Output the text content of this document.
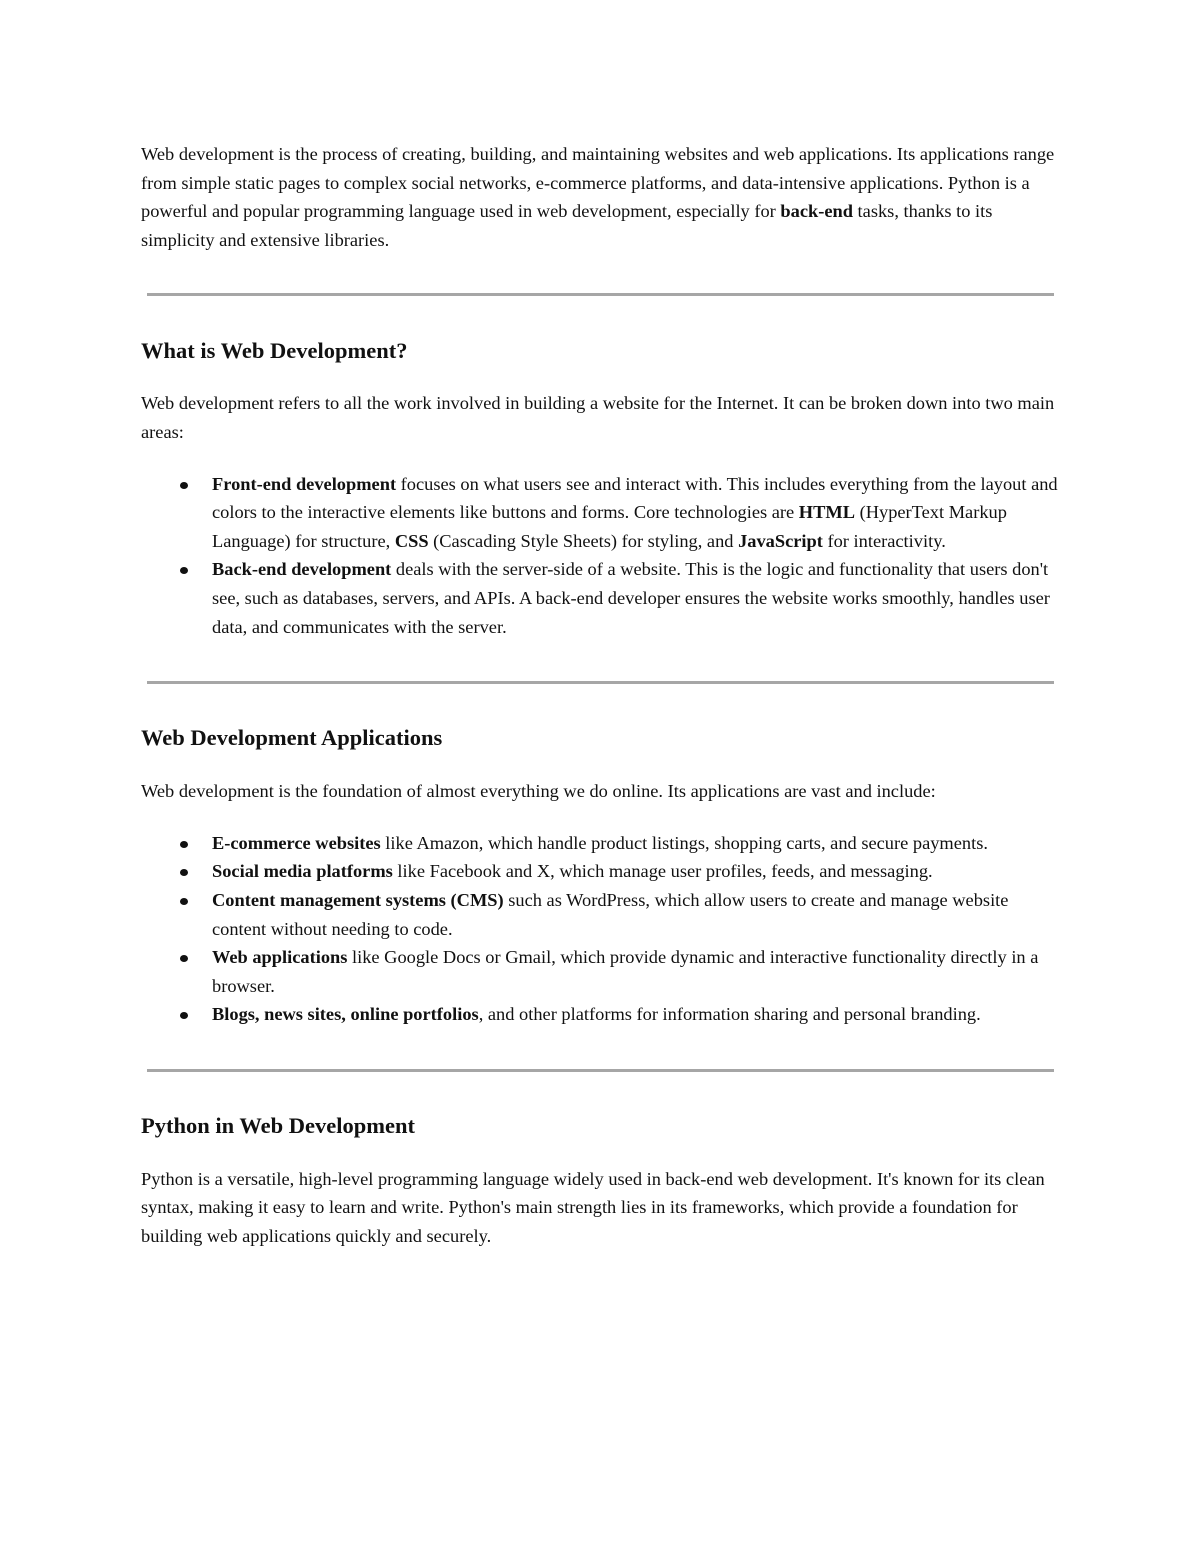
Web development is the process of creating, building, and maintaining websites and web applications. Its applications range from simple static pages to complex social networks, e-commerce platforms, and data-intensive applications. Python is a powerful and popular programming language used in web development, especially for back-end tasks, thanks to its simplicity and extensive libraries.

What is Web Development?

Web development refers to all the work involved in building a website for the Internet. It can be broken down into two main areas:

Front-end development focuses on what users see and interact with. This includes everything from the layout and colors to the interactive elements like buttons and forms. Core technologies are HTML (HyperText Markup Language) for structure, CSS (Cascading Style Sheets) for styling, and JavaScript for interactivity.
Back-end development deals with the server-side of a website. This is the logic and functionality that users don't see, such as databases, servers, and APIs. A back-end developer ensures the website works smoothly, handles user data, and communicates with the server.
Web Development Applications

Web development is the foundation of almost everything we do online. Its applications are vast and include:

E-commerce websites like Amazon, which handle product listings, shopping carts, and secure payments.
Social media platforms like Facebook and X, which manage user profiles, feeds, and messaging.
Content management systems (CMS) such as WordPress, which allow users to create and manage website content without needing to code.
Web applications like Google Docs or Gmail, which provide dynamic and interactive functionality directly in a browser.
Blogs, news sites, online portfolios, and other platforms for information sharing and personal branding.
Python in Web Development

Python is a versatile, high-level programming language widely used in back-end web development. It's known for its clean syntax, making it easy to learn and write. Python's main strength lies in its frameworks, which provide a foundation for building web applications quickly and securely.
